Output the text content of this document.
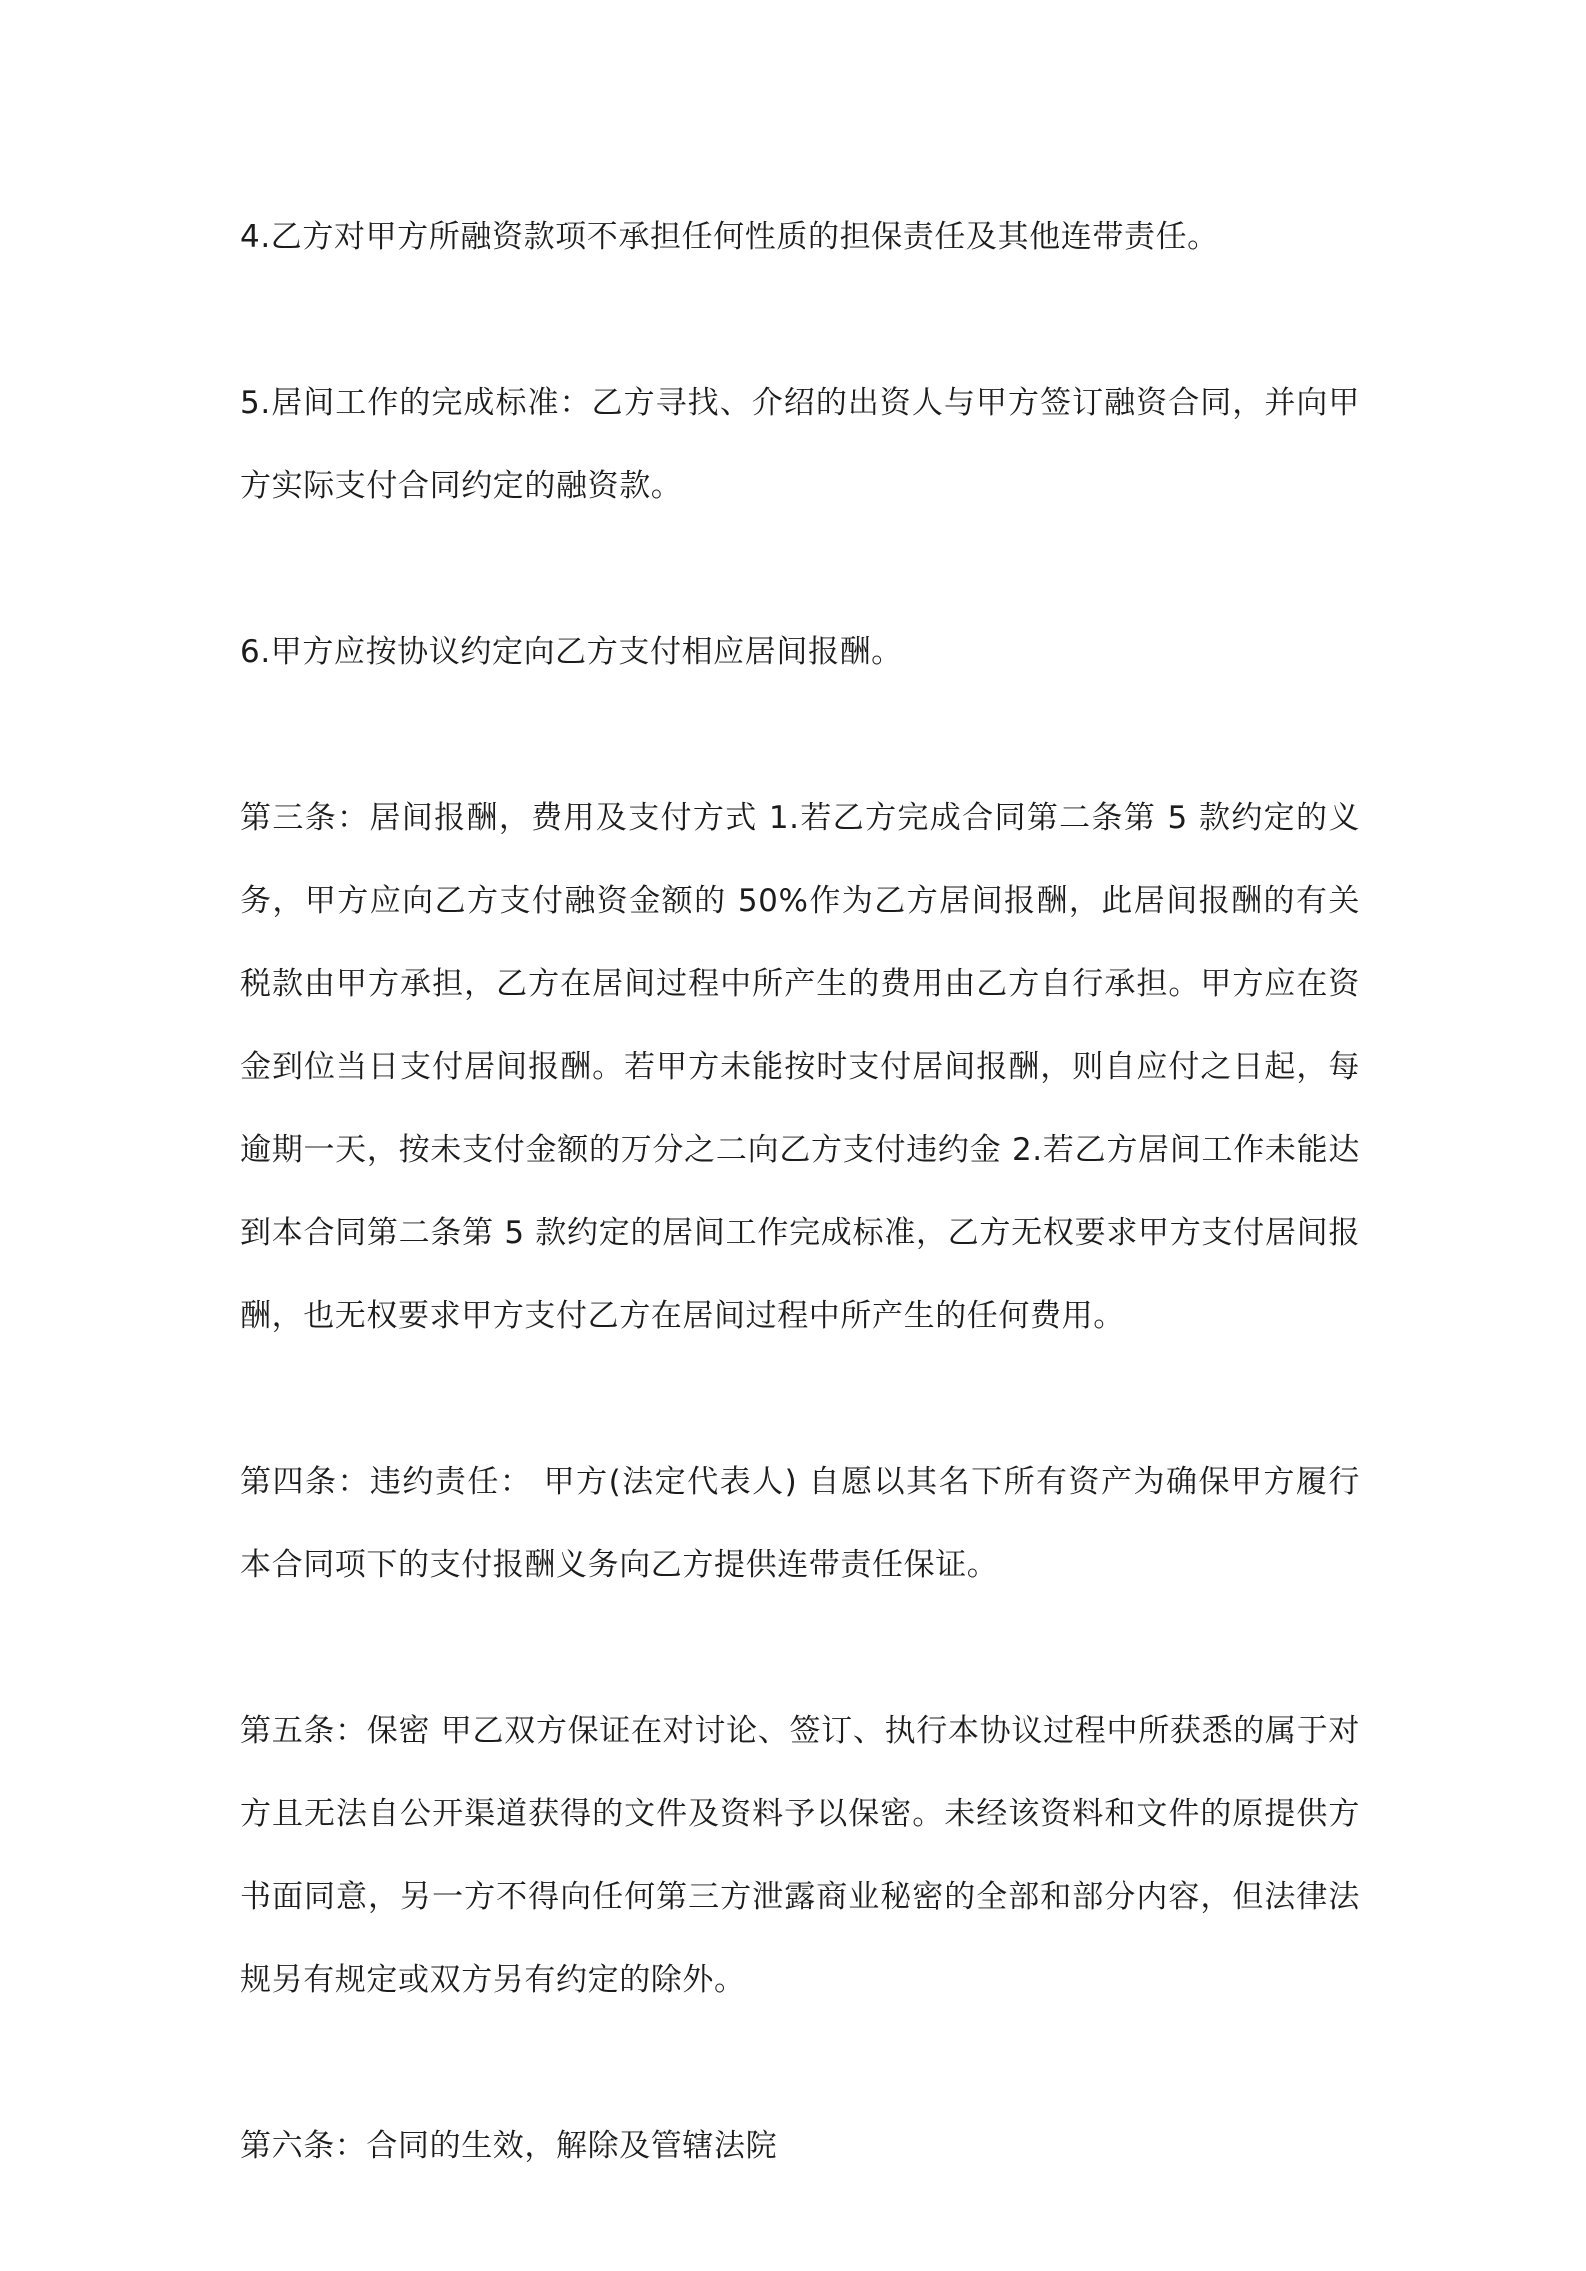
4.乙方对甲方所融资款项不承担任何性质的担保责任及其他连带责任。

5.居间工作的完成标准：乙方寻找、介绍的出资人与甲方签订融资合同，并向甲方实际支付合同约定的融资款。

6.甲方应按协议约定向乙方支付相应居间报酬。

第三条：居间报酬，费用及支付方式 1.若乙方完成合同第二条第 5 款约定的义务，甲方应向乙方支付融资金额的 50%作为乙方居间报酬，此居间报酬的有关税款由甲方承担，乙方在居间过程中所产生的费用由乙方自行承担。甲方应在资金到位当日支付居间报酬。若甲方未能按时支付居间报酬，则自应付之日起，每逾期一天，按未支付金额的万分之二向乙方支付违约金 2.若乙方居间工作未能达到本合同第二条第 5 款约定的居间工作完成标准，乙方无权要求甲方支付居间报酬，也无权要求甲方支付乙方在居间过程中所产生的任何费用。

第四条：违约责任： 甲方(法定代表人) 自愿以其名下所有资产为确保甲方履行本合同项下的支付报酬义务向乙方提供连带责任保证。

第五条：保密 甲乙双方保证在对讨论、签订、执行本协议过程中所获悉的属于对方且无法自公开渠道获得的文件及资料予以保密。未经该资料和文件的原提供方书面同意，另一方不得向任何第三方泄露商业秘密的全部和部分内容，但法律法规另有规定或双方另有约定的除外。

第六条：合同的生效，解除及管辖法院
